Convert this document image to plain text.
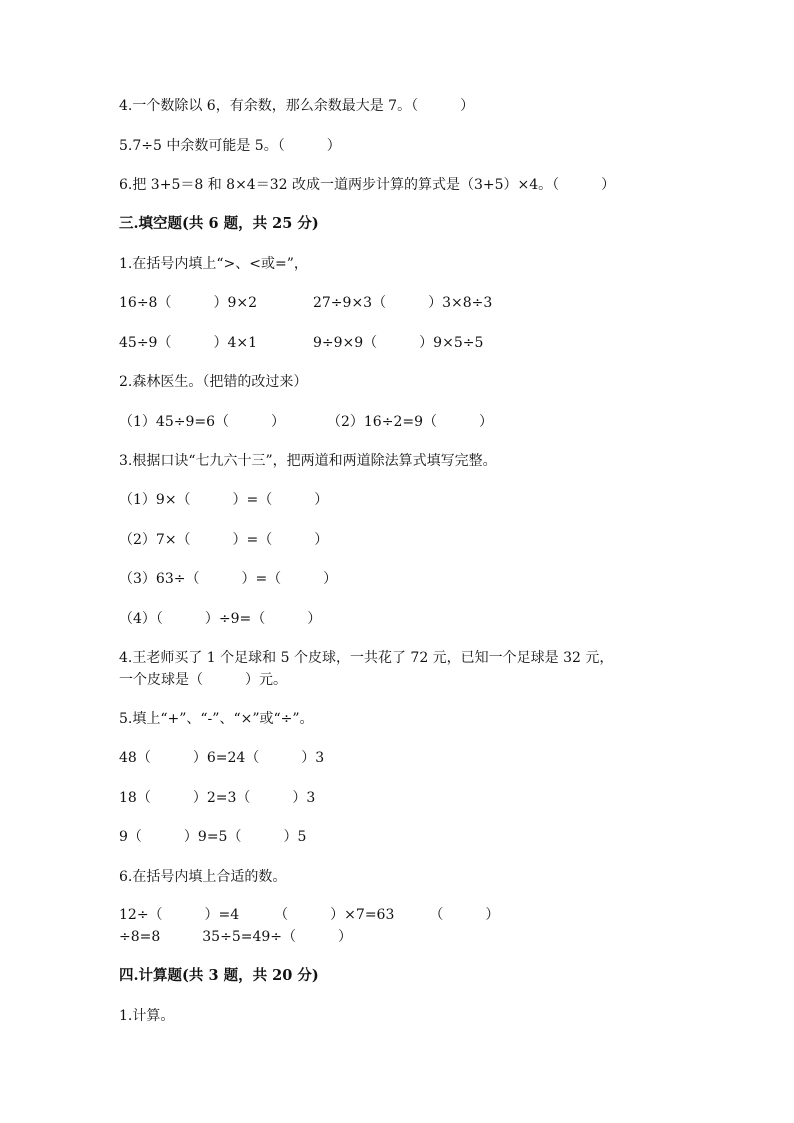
4.一个数除以 6，有余数，那么余数最大是 7。（　　　）
5.7÷5 中余数可能是 5。（　　　）
6.把 3+5＝8 和 8×4＝32 改成一道两步计算的算式是（3+5）×4。（　　　）
三.填空题(共 6 题，共 25 分)
1.在括号内填上“>、<或=”，
16÷8（　　　）9×2　　　　27÷9×3（　　　）3×8÷3
45÷9（　　　）4×1　　　　9÷9×9（　　　）9×5÷5
2.森林医生。（把错的改过来）
（1）45÷9=6（　　　）　　　　（2）16÷2=9（　　　）
3.根据口诀“七九六十三”，把两道和两道除法算式填写完整。
（1）9×（　　　）=（　　　）
（2）7×（　　　）=（　　　）
（3）63÷（　　　）=（　　　）
（4）（　　　）÷9=（　　　）
4.王老师买了 1 个足球和 5 个皮球，一共花了 72 元，已知一个足球是 32 元，
一个皮球是（　　　）元。
5.填上“+”、“-”、“×”或“÷”。
48（　　　）6=24（　　　）3
18（　　　）2=3（　　　）3
9（　　　）9=5（　　　）5
6.在括号内填上合适的数。
12÷（　　　）=4　　　（　　　）×7=63　　　（　　　）
÷8=8　　　35÷5=49÷（　　　）
四.计算题(共 3 题，共 20 分)
1.计算。
